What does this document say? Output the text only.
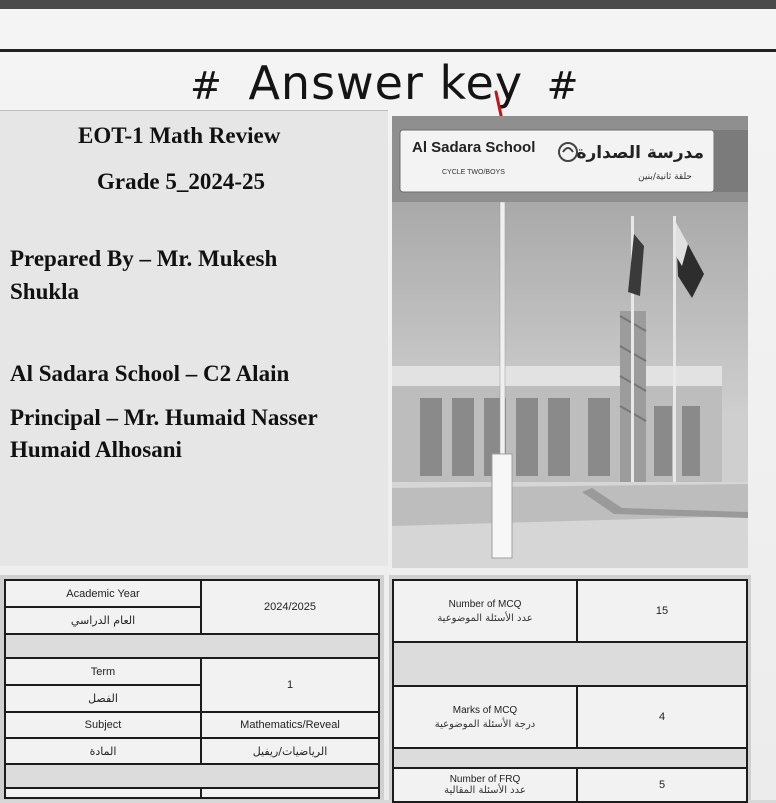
# Answer key #
EOT-1 Math Review
Grade 5_2024-25
Prepared By – Mr. Mukesh
Shukla
Al Sadara School – C2 Alain
Principal – Mr. Humaid Nasser
Humaid Alhosani
Al Sadara School
CYCLE TWO/BOYS
مدرسة الصدارة
حلقة ثانية/بنين
Academic Year	2024/2025
العام الدراسي	

Term	1
الفصل	
Subject	Mathematics/Reveal
المادة	الرياضيات/ريفيل

Number of MCQ
عدد الأسئلة الموضوعية	15

Marks of MCQ
درجة الأسئلة الموضوعية	4

Number of FRQ
عدد الأسئلة المقالية	5
